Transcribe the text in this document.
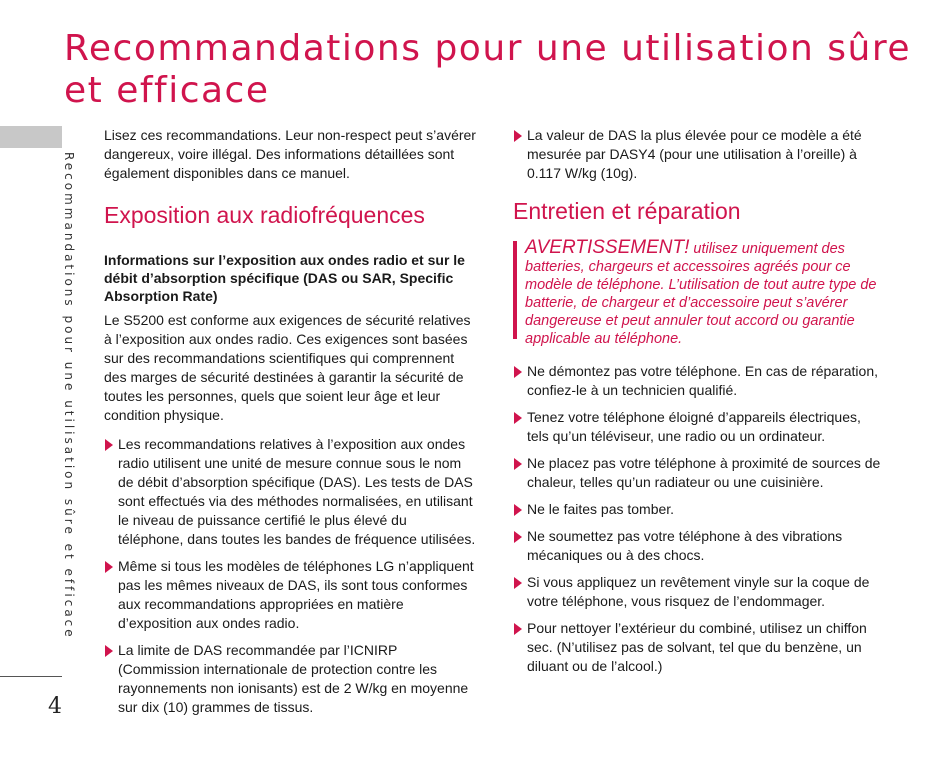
Recommandations pour une utilisation sûre et efficace

Recommandations pour une utilisation sûre et efficace

4

Lisez ces recommandations. Leur non-respect peut s’avérer dangereux, voire illégal. Des informations détaillées sont également disponibles dans ce manuel.

Exposition aux radiofréquences

Informations sur l’exposition aux ondes radio et sur le débit d’absorption spécifique (DAS ou SAR, Specific Absorption Rate)

Le S5200 est conforme aux exigences de sécurité relatives à l’exposition aux ondes radio. Ces exigences sont basées sur des recommandations scientifiques qui comprennent des marges de sécurité destinées à garantir la sécurité de toutes les personnes, quels que soient leur âge et leur condition physique.

Les recommandations relatives à l’exposition aux ondes radio utilisent une unité de mesure connue sous le nom de débit d’absorption spécifique (DAS). Les tests de DAS sont effectués via des méthodes normalisées, en utilisant le niveau de puissance certifié le plus élevé du téléphone, dans toutes les bandes de fréquence utilisées.
Même si tous les modèles de téléphones LG n’appliquent pas les mêmes niveaux de DAS, ils sont tous conformes aux recommandations appropriées en matière d’exposition aux ondes radio.
La limite de DAS recommandée par l’ICNIRP (Commission internationale de protection contre les rayonnements non ionisants) est de 2 W/kg en moyenne sur dix (10) grammes de tissus.
La valeur de DAS la plus élevée pour ce modèle a été mesurée par DASY4 (pour une utilisation à l’oreille) à 0.117 W/kg (10g).
Entretien et réparation
AVERTISSEMENT! utilisez uniquement des batteries, chargeurs et accessoires agréés pour ce modèle de téléphone. L’utilisation de tout autre type de batterie, de chargeur et d’accessoire peut s’avérer dangereuse et peut annuler tout accord ou garantie applicable au téléphone.
Ne démontez pas votre téléphone. En cas de réparation, confiez-le à un technicien qualifié.
Tenez votre téléphone éloigné d’appareils électriques, tels qu’un téléviseur, une radio ou un ordinateur.
Ne placez pas votre téléphone à proximité de sources de chaleur, telles qu’un radiateur ou une cuisinière.
Ne le faites pas tomber.
Ne soumettez pas votre téléphone à des vibrations mécaniques ou à des chocs.
Si vous appliquez un revêtement vinyle sur la coque de votre téléphone, vous risquez de l’endommager.
Pour nettoyer l’extérieur du combiné, utilisez un chiffon sec. (N’utilisez pas de solvant, tel que du benzène, un diluant ou de l’alcool.)
